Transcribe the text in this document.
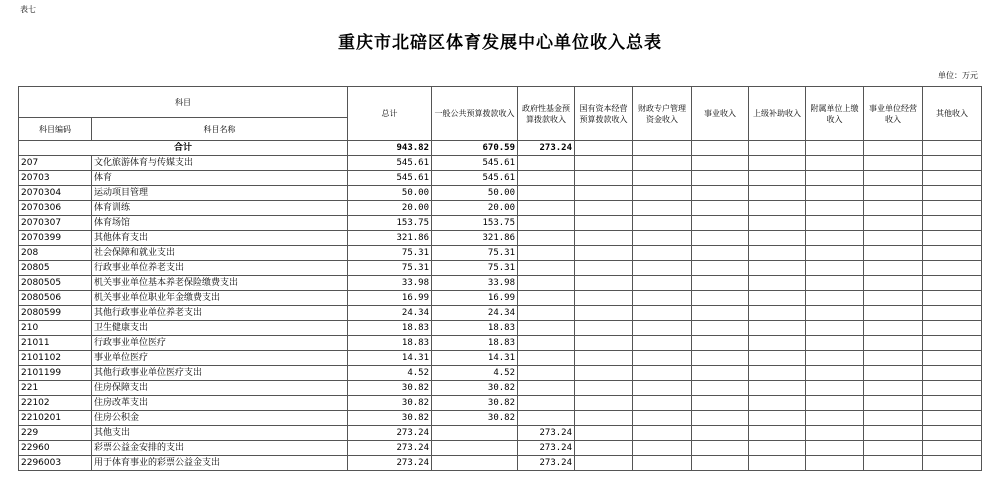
表七
重庆市北碚区体育发展中心单位收入总表
单位：万元
科目		总计	一般公共预算拨款收入	政府性基金预算拨款收入	国有资本经营预算拨款收入	财政专户管理资金收入	事业收入	上级补助收入	附属单位上缴收入	事业单位经营收入	其他收入
科目编码	科目名称										
合计		943.82	670.59	273.24							
207	文化旅游体育与传媒支出	545.61	545.61								
20703	体育	545.61	545.61								
2070304	运动项目管理	50.00	50.00								
2070306	体育训练	20.00	20.00								
2070307	体育场馆	153.75	153.75								
2070399	其他体育支出	321.86	321.86								
208	社会保障和就业支出	75.31	75.31								
20805	行政事业单位养老支出	75.31	75.31								
2080505	机关事业单位基本养老保险缴费支出	33.98	33.98								
2080506	机关事业单位职业年金缴费支出	16.99	16.99								
2080599	其他行政事业单位养老支出	24.34	24.34								
210	卫生健康支出	18.83	18.83								
21011	行政事业单位医疗	18.83	18.83								
2101102	事业单位医疗	14.31	14.31								
2101199	其他行政事业单位医疗支出	4.52	4.52								
221	住房保障支出	30.82	30.82								
22102	住房改革支出	30.82	30.82								
2210201	住房公积金	30.82	30.82								
229	其他支出	273.24		273.24							
22960	彩票公益金安排的支出	273.24		273.24							
2296003	用于体育事业的彩票公益金支出	273.24		273.24							
